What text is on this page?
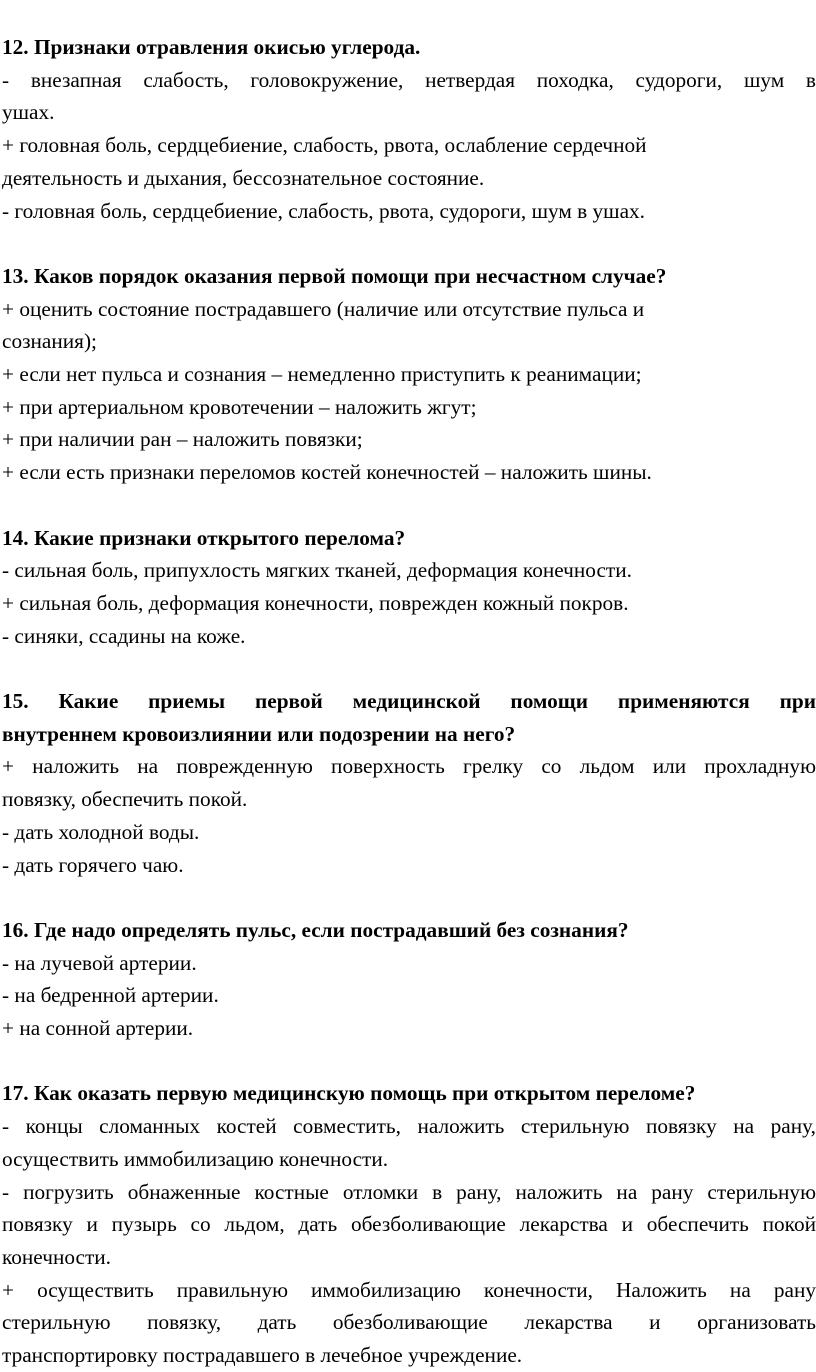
12. Признаки отравления окисью углерода.
- внезапная слабость, головокружение, нетвердая походка, судороги, шум в
ушах.
+ головная боль, сердцебиение, слабость, рвота, ослабление сердечной
деятельность и дыхания, бессознательное состояние.
- головная боль, сердцебиение, слабость, рвота, судороги, шум в ушах.
13. Каков порядок оказания первой помощи при несчастном случае?
+ оценить состояние пострадавшего (наличие или отсутствие пульса и
сознания);
+ если нет пульса и сознания – немедленно приступить к реанимации;
+ при артериальном кровотечении – наложить жгут;
+ при наличии ран – наложить повязки;
+ если есть признаки переломов костей конечностей – наложить шины.
14. Какие признаки открытого перелома?
- сильная боль, припухлость мягких тканей, деформация конечности.
+ сильная боль, деформация конечности, поврежден кожный покров.
- синяки, ссадины на коже.
15. Какие приемы первой медицинской помощи применяются при
внутреннем кровоизлиянии или подозрении на него?
+ наложить на поврежденную поверхность грелку со льдом или прохладную
повязку, обеспечить покой.
- дать холодной воды.
- дать горячего чаю.
16. Где надо определять пульс, если пострадавший без сознания?
- на лучевой артерии.
- на бедренной артерии.
+ на сонной артерии.
17. Как оказать первую медицинскую помощь при открытом переломе?
- концы сломанных костей совместить, наложить стерильную повязку на рану,
осуществить иммобилизацию конечности.
- погрузить обнаженные костные отломки в рану, наложить на рану стерильную
повязку и пузырь со льдом, дать обезболивающие лекарства и обеспечить покой
конечности.
+ осуществить правильную иммобилизацию конечности, Наложить на рану
стерильную повязку, дать обезболивающие лекарства и организовать
транспортировку пострадавшего в лечебное учреждение.
